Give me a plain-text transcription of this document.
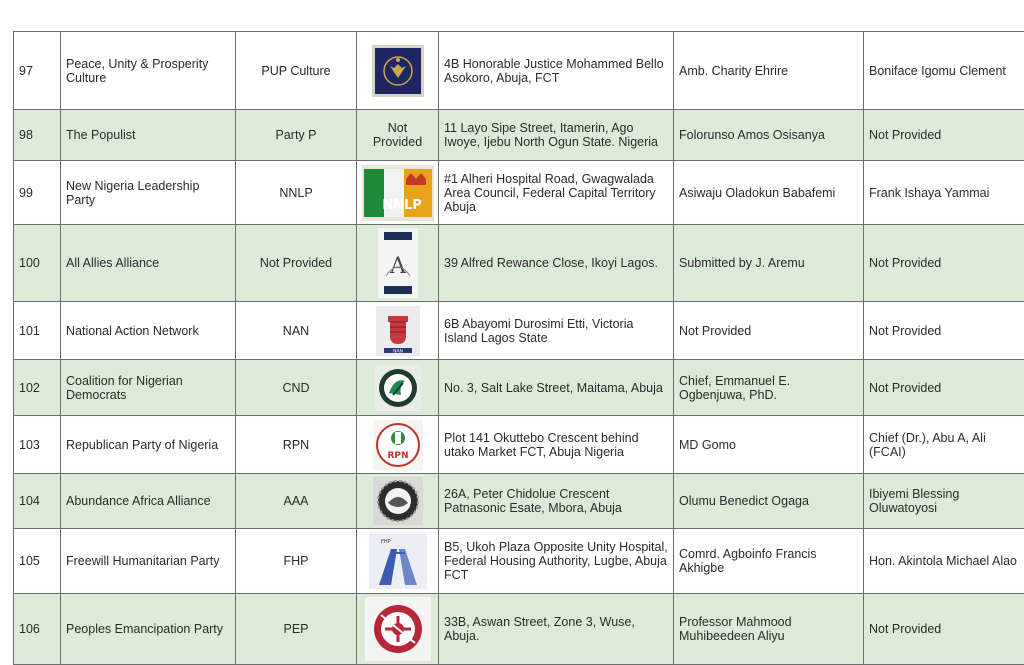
97	Peace, Unity & Prosperity Culture	PUP Culture		4B Honorable Justice Mohammed Bello Asokoro, Abuja, FCT	Amb. Charity Ehrire	Boniface Igomu Clement
98	The Populist	Party P	Not Provided	11 Layo Sipe Street, Itamerin, Ago Iwoye, Ijebu North Ogun State. Nigeria	Folorunso Amos Osisanya	Not Provided
99	New Nigeria Leadership Party	NNLP	NNLP	#1 Alheri Hospital Road, Gwagwalada Area Council, Federal Capital Territory Abuja	Asiwaju Oladokun Babafemi	Frank Ishaya Yammai
100	All Allies Alliance	Not Provided	A	39 Alfred Rewance Close, Ikoyi Lagos.	Submitted by J. Aremu	Not Provided
101	National Action Network	NAN	NAN	6B Abayomi Durosimi Etti, Victoria Island Lagos State	Not Provided	Not Provided
102	Coalition for Nigerian Democrats	CND		No. 3, Salt Lake Street, Maitama, Abuja	Chief, Emmanuel E. Ogbenjuwa, PhD.	Not Provided
103	Republican Party of Nigeria	RPN	RPN	Plot 141 Okuttebo Crescent behind utako Market FCT, Abuja Nigeria	MD Gomo	Chief (Dr.), Abu A, Ali (FCAI)
104	Abundance Africa Alliance	AAA		26A, Peter Chidolue Crescent Patnasonic Esate, Mbora, Abuja	Olumu Benedict Ogaga	Ibiyemi Blessing Oluwatoyosi
105	Freewill Humanitarian Party	FHP	FHP	B5, Ukoh Plaza Opposite Unity Hospital, Federal Housing Authority, Lugbe, Abuja FCT	Comrd. Agboinfo Francis Akhigbe	Hon. Akintola Michael Alao
106	Peoples Emancipation Party	PEP		33B, Aswan Street, Zone 3, Wuse, Abuja.	Professor Mahmood Muhibeedeen Aliyu	Not Provided
